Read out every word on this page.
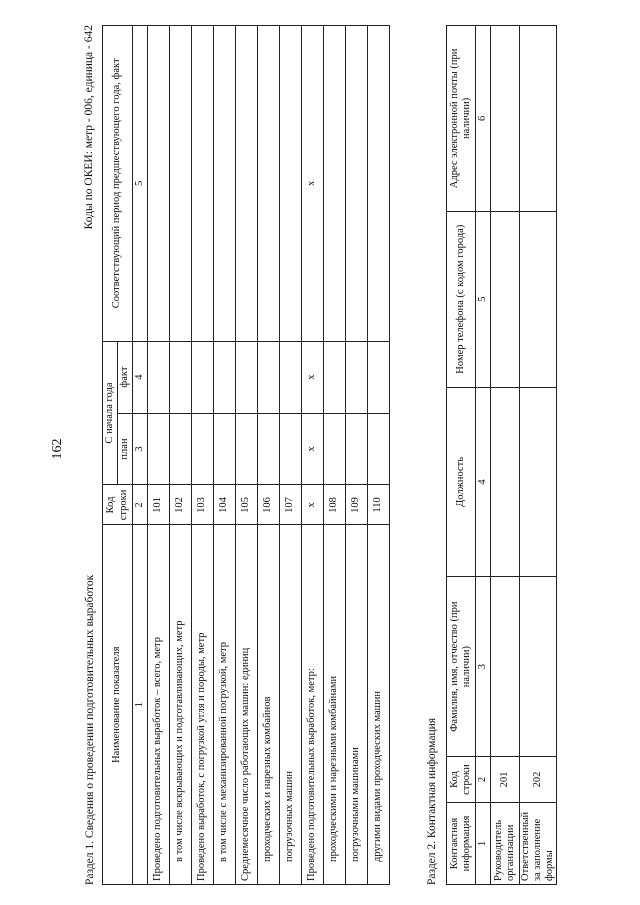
162
Раздел 1. Сведения о проведении подготовительных выработок
Коды по ОКЕИ: метр - 006, единица - 642
Наименование показателя	Код строки	С начала года		Соответствующий период предшествующего года, факт
		план	факт	

1	2	3	4	5
Проведено подготовительных выработок – всего, метр	101			
в том числе вскрывающих и подготавливающих, метр	102			
Проведено выработок, с погрузкой угля и породы, метр	103			
в том числе с механизированной погрузкой, метр	104			
Среднемесячное число работающих машин: единиц	105			
проходческих и нарезных комбайнов	106			
погрузочных машин	107			
Проведено подготовительных выработок, метр:	x	x	x	x
проходческими и нарезными комбайнами	108			
погрузочными машинами	109			
другими видами проходческих машин	110			
Раздел 2. Контактная информация Контактная информация	Код строки	Фамилия, имя, отчество (при наличии)	Должность	Номер телефона (с кодом города)	Адрес электронной почты (при наличии)
1	2	3	4	5	6
Руководитель организации	201				
Ответственный за заполнение формы	202				
